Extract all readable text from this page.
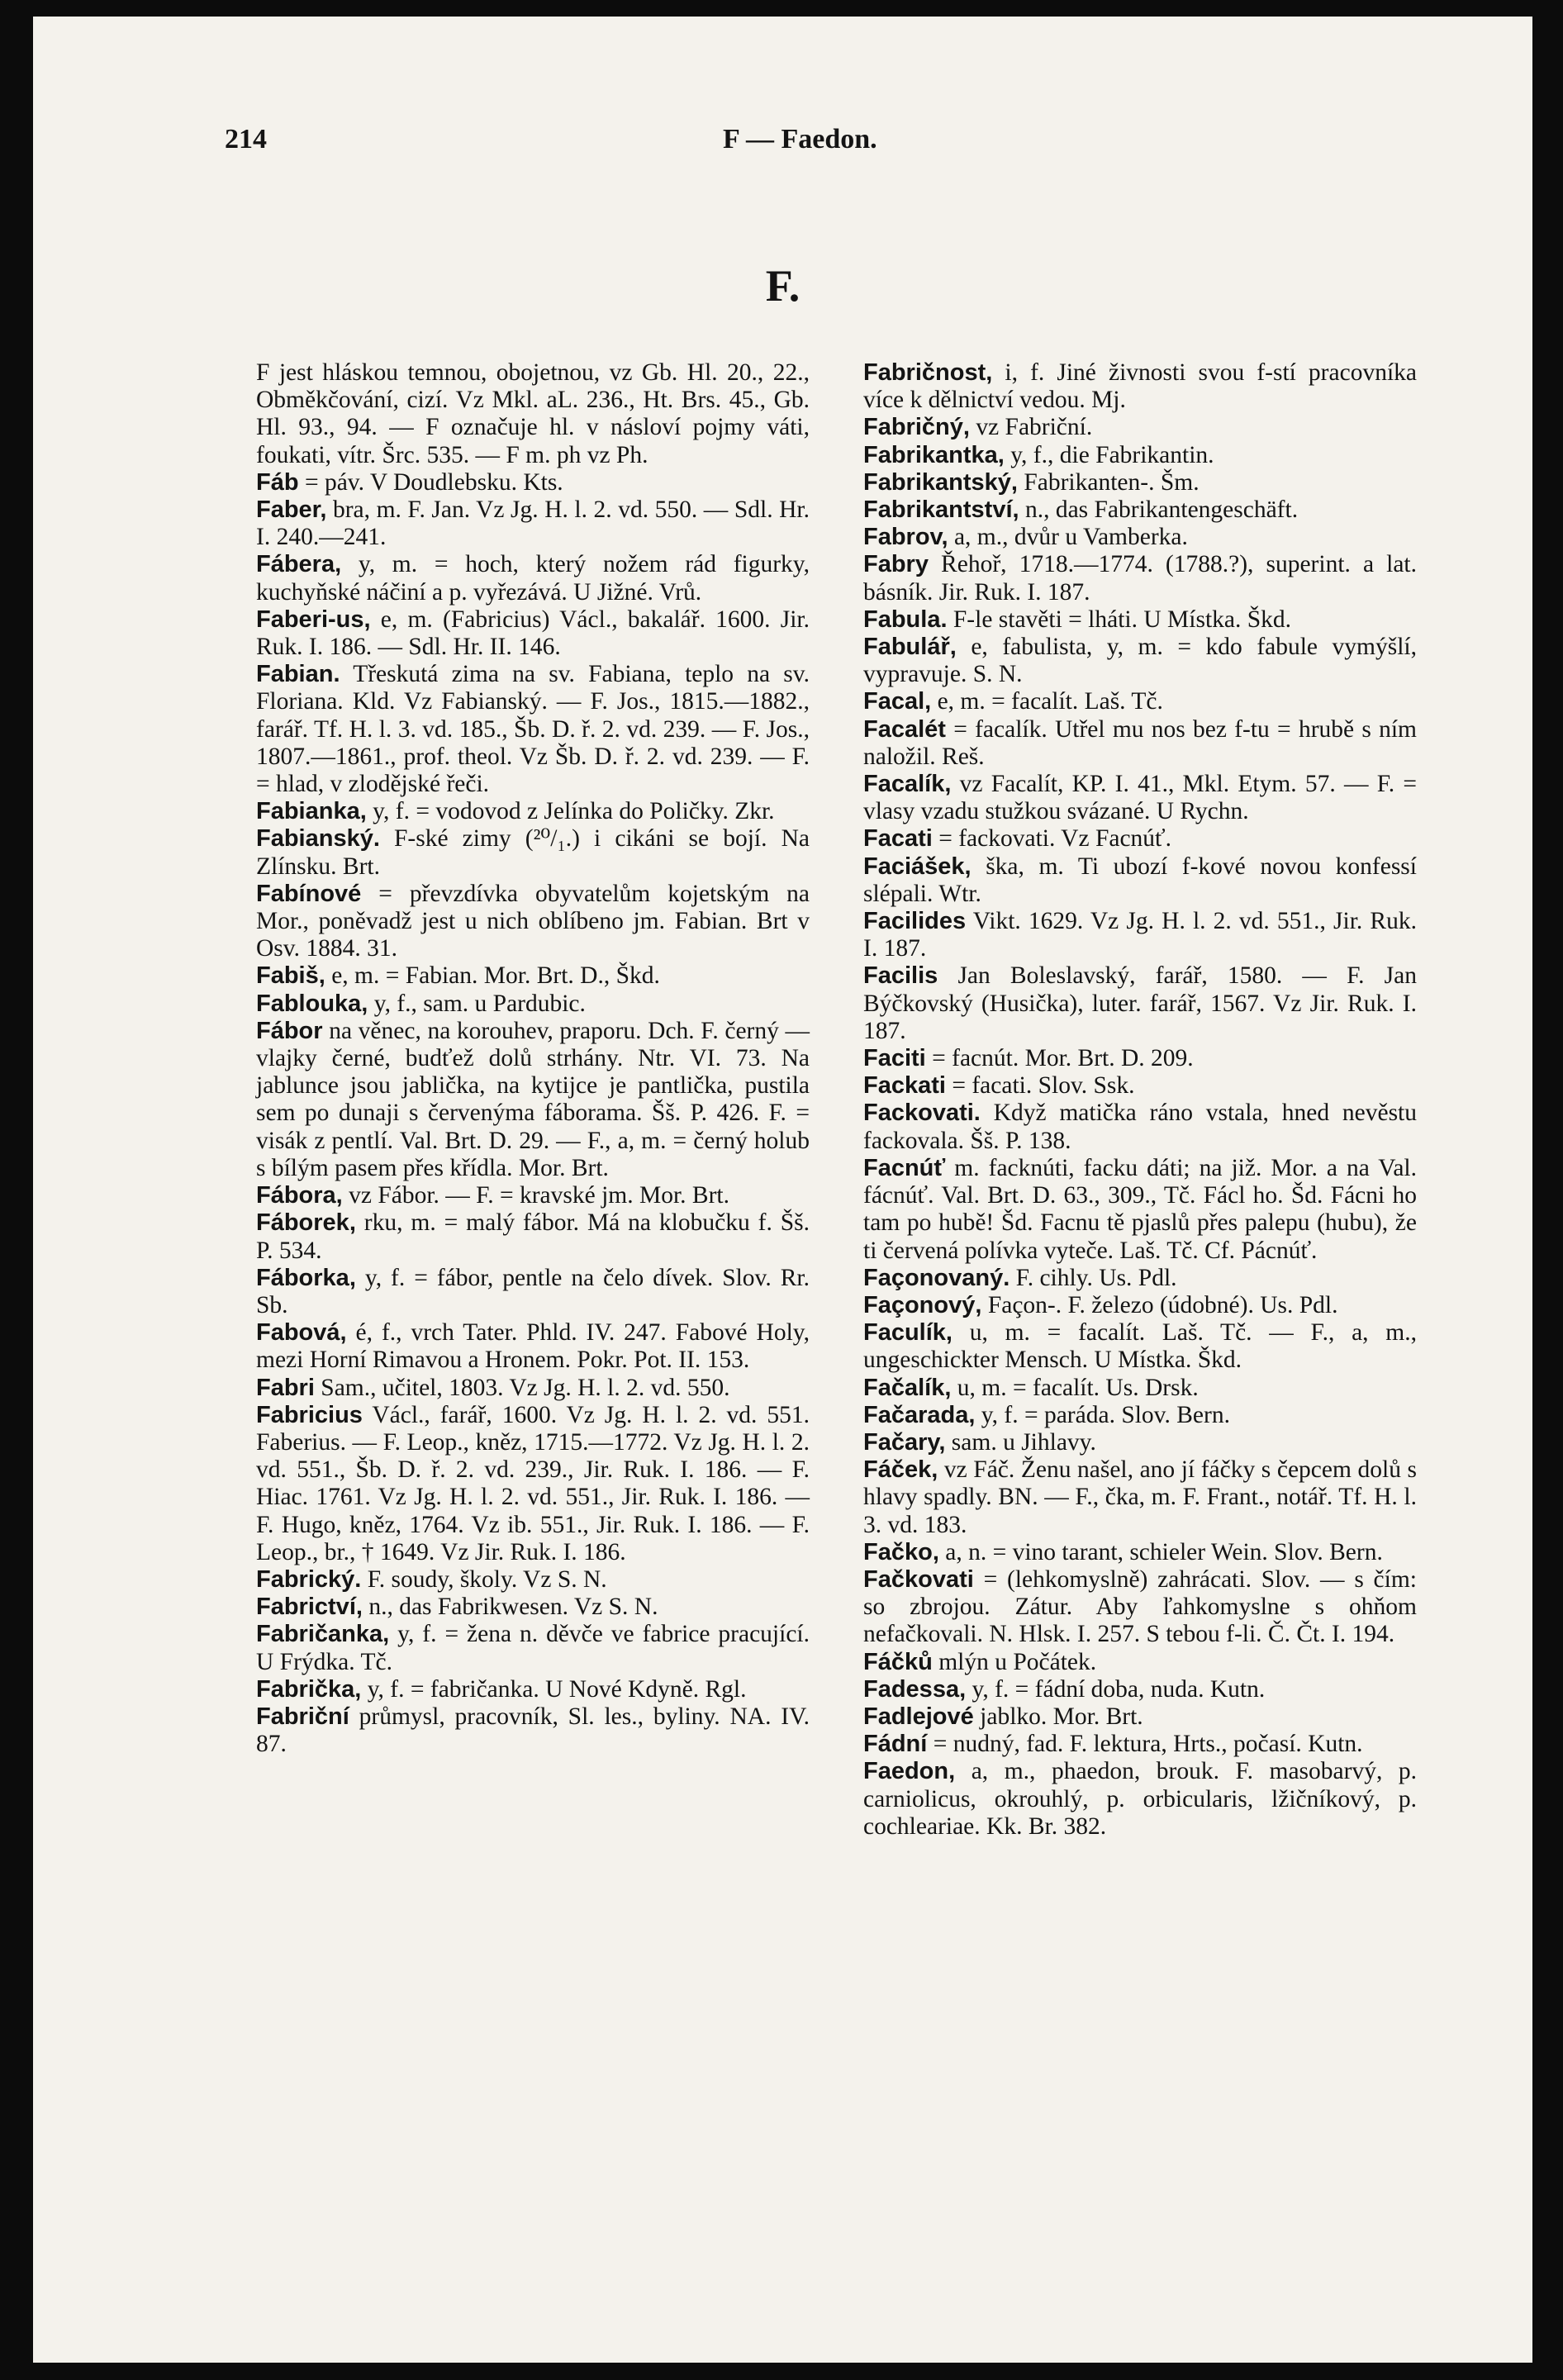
214	F — Faedon.
F.

F jest hláskou temnou, obojetnou, vz Gb. Hl. 20., 22., Obměkčování, cizí. Vz Mkl. aL. 236., Ht. Brs. 45., Gb. Hl. 93., 94. — F označuje hl. v násloví pojmy váti, foukati, vítr. Šrc. 535. — F m. ph vz Ph.

Fáb = páv. V Doudlebsku. Kts.

Faber, bra, m. F. Jan. Vz Jg. H. l. 2. vd. 550. — Sdl. Hr. I. 240.—241.

Fábera, y, m. = hoch, který nožem rád figurky, kuchyňské náčiní a p. vyřezává. U Jižné. Vrů.

Faberi-us, e, m. (Fabricius) Václ., bakalář. 1600. Jir. Ruk. I. 186. — Sdl. Hr. II. 146.

Fabian. Třeskutá zima na sv. Fabiana, teplo na sv. Floriana. Kld. Vz Fabianský. — F. Jos., 1815.—1882., farář. Tf. H. l. 3. vd. 185., Šb. D. ř. 2. vd. 239. — F. Jos., 1807.—1861., prof. theol. Vz Šb. D. ř. 2. vd. 239. — F. = hlad, v zlodějské řeči.

Fabianka, y, f. = vodovod z Jelínka do Poličky. Zkr.

Fabianský. F-ské zimy (²⁰/₁.) i cikáni se bojí. Na Zlínsku. Brt.

Fabínové = převzdívka obyvatelům kojetským na Mor., poněvadž jest u nich oblíbeno jm. Fabian. Brt v Osv. 1884. 31.

Fabiš, e, m. = Fabian. Mor. Brt. D., Škd.

Fablouka, y, f., sam. u Pardubic.

Fábor na věnec, na korouhev, praporu. Dch. F. černý — vlajky černé, budťež dolů strhány. Ntr. VI. 73. Na jablunce jsou jablička, na kytijce je pantlička, pustila sem po dunaji s červenýma fáborama. Šš. P. 426. F. = visák z pentlí. Val. Brt. D. 29. — F., a, m. = černý holub s bílým pasem přes křídla. Mor. Brt.

Fábora, vz Fábor. — F. = kravské jm. Mor. Brt.

Fáborek, rku, m. = malý fábor. Má na klobučku f. Šš. P. 534.

Fáborka, y, f. = fábor, pentle na čelo dívek. Slov. Rr. Sb.

Fabová, é, f., vrch Tater. Phld. IV. 247. Fabové Holy, mezi Horní Rimavou a Hronem. Pokr. Pot. II. 153.

Fabri Sam., učitel, 1803. Vz Jg. H. l. 2. vd. 550.

Fabricius Václ., farář, 1600. Vz Jg. H. l. 2. vd. 551. Faberius. — F. Leop., kněz, 1715.—1772. Vz Jg. H. l. 2. vd. 551., Šb. D. ř. 2. vd. 239., Jir. Ruk. I. 186. — F. Hiac. 1761. Vz Jg. H. l. 2. vd. 551., Jir. Ruk. I. 186. — F. Hugo, kněz, 1764. Vz ib. 551., Jir. Ruk. I. 186. — F. Leop., br., † 1649. Vz Jir. Ruk. I. 186.

Fabrický. F. soudy, školy. Vz S. N.

Fabrictví, n., das Fabrikwesen. Vz S. N.

Fabričanka, y, f. = žena n. děvče ve fabrice pracující. U Frýdka. Tč.

Fabrička, y, f. = fabričanka. U Nové Kdyně. Rgl.

Fabriční průmysl, pracovník, Sl. les., byliny. NA. IV. 87.

Fabričnost, i, f. Jiné živnosti svou f-stí pracovníka více k dělnictví vedou. Mj.

Fabričný, vz Fabriční.

Fabrikantka, y, f., die Fabrikantin.

Fabrikantský, Fabrikanten-. Šm.

Fabrikantství, n., das Fabrikantengeschäft.

Fabrov, a, m., dvůr u Vamberka.

Fabry Řehoř, 1718.—1774. (1788.?), superint. a lat. básník. Jir. Ruk. I. 187.

Fabula. F-le stavěti = lháti. U Místka. Škd.

Fabulář, e, fabulista, y, m. = kdo fabule vymýšlí, vypravuje. S. N.

Facal, e, m. = facalít. Laš. Tč.

Facalét = facalík. Utřel mu nos bez f-tu = hrubě s ním naložil. Reš.

Facalík, vz Facalít, KP. I. 41., Mkl. Etym. 57. — F. = vlasy vzadu stužkou svázané. U Rychn.

Facati = fackovati. Vz Facnúť.

Faciášek, ška, m. Ti ubozí f-kové novou konfessí slépali. Wtr.

Facilides Vikt. 1629. Vz Jg. H. l. 2. vd. 551., Jir. Ruk. I. 187.

Facilis Jan Boleslavský, farář, 1580. — F. Jan Býčkovský (Husička), luter. farář, 1567. Vz Jir. Ruk. I. 187.

Faciti = facnút. Mor. Brt. D. 209.

Fackati = facati. Slov. Ssk.

Fackovati. Když matička ráno vstala, hned nevěstu fackovala. Šš. P. 138.

Facnúť m. facknúti, facku dáti; na již. Mor. a na Val. fácnúť. Val. Brt. D. 63., 309., Tč. Fácl ho. Šd. Fácni ho tam po hubě! Šd. Facnu tě pjaslů přes palepu (hubu), že ti červená polívka vyteče. Laš. Tč. Cf. Pácnúť.

Façonovaný. F. cihly. Us. Pdl.

Façonový, Façon-. F. železo (údobné). Us. Pdl.

Faculík, u, m. = facalít. Laš. Tč. — F., a, m., ungeschickter Mensch. U Místka. Škd.

Fačalík, u, m. = facalít. Us. Drsk.

Fačarada, y, f. = paráda. Slov. Bern.

Fačary, sam. u Jihlavy.

Fáček, vz Fáč. Ženu našel, ano jí fáčky s čepcem dolů s hlavy spadly. BN. — F., čka, m. F. Frant., notář. Tf. H. l. 3. vd. 183.

Fačko, a, n. = vino tarant, schieler Wein. Slov. Bern.

Fačkovati = (lehkomyslně) zahrácati. Slov. — s čím: so zbrojou. Zátur. Aby ľahkomyslne s ohňom nefačkovali. N. Hlsk. I. 257. S tebou f-li. Č. Čt. I. 194.

Fáčků mlýn u Počátek.

Fadessa, y, f. = fádní doba, nuda. Kutn.

Fadlejové jablko. Mor. Brt.

Fádní = nudný, fad. F. lektura, Hrts., počasí. Kutn.

Faedon, a, m., phaedon, brouk. F. masobarvý, p. carniolicus, okrouhlý, p. orbicularis, lžičníkový, p. cochleariae. Kk. Br. 382.
